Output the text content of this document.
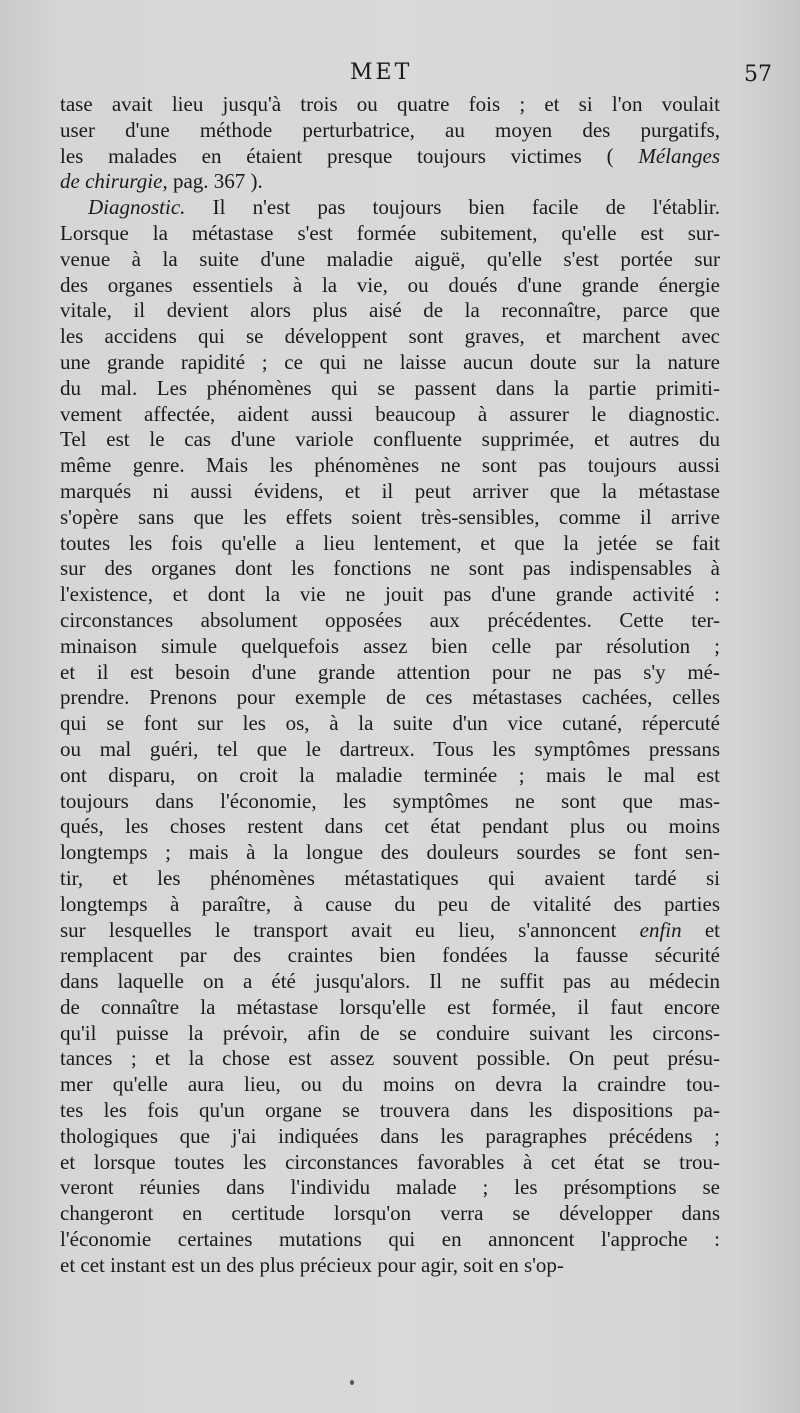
MET	57
tase avait lieu jusqu'à trois ou quatre fois ; et si l'on voulait
user d'une méthode perturbatrice, au moyen des purgatifs,
les malades en étaient presque toujours victimes ( Mélanges
de chirurgie, pag. 367 ).
Diagnostic. Il n'est pas toujours bien facile de l'établir.
Lorsque la métastase s'est formée subitement, qu'elle est sur-
venue à la suite d'une maladie aiguë, qu'elle s'est portée sur
des organes essentiels à la vie, ou doués d'une grande énergie
vitale, il devient alors plus aisé de la reconnaître, parce que
les accidens qui se développent sont graves, et marchent avec
une grande rapidité ; ce qui ne laisse aucun doute sur la nature
du mal. Les phénomènes qui se passent dans la partie primiti-
vement affectée, aident aussi beaucoup à assurer le diagnostic.
Tel est le cas d'une variole confluente supprimée, et autres du
même genre. Mais les phénomènes ne sont pas toujours aussi
marqués ni aussi évidens, et il peut arriver que la métastase
s'opère sans que les effets soient très-sensibles, comme il arrive
toutes les fois qu'elle a lieu lentement, et que la jetée se fait
sur des organes dont les fonctions ne sont pas indispensables à
l'existence, et dont la vie ne jouit pas d'une grande activité :
circonstances absolument opposées aux précédentes. Cette ter-
minaison simule quelquefois assez bien celle par résolution ;
et il est besoin d'une grande attention pour ne pas s'y mé-
prendre. Prenons pour exemple de ces métastases cachées, celles
qui se font sur les os, à la suite d'un vice cutané, répercuté
ou mal guéri, tel que le dartreux. Tous les symptômes pressans
ont disparu, on croit la maladie terminée ; mais le mal est
toujours dans l'économie, les symptômes ne sont que mas-
qués, les choses restent dans cet état pendant plus ou moins
longtemps ; mais à la longue des douleurs sourdes se font sen-
tir, et les phénomènes métastatiques qui avaient tardé si
longtemps à paraître, à cause du peu de vitalité des parties
sur lesquelles le transport avait eu lieu, s'annoncent enfin et
remplacent par des craintes bien fondées la fausse sécurité
dans laquelle on a été jusqu'alors. Il ne suffit pas au médecin
de connaître la métastase lorsqu'elle est formée, il faut encore
qu'il puisse la prévoir, afin de se conduire suivant les circons-
tances ; et la chose est assez souvent possible. On peut présu-
mer qu'elle aura lieu, ou du moins on devra la craindre tou-
tes les fois qu'un organe se trouvera dans les dispositions pa-
thologiques que j'ai indiquées dans les paragraphes précédens ;
et lorsque toutes les circonstances favorables à cet état se trou-
veront réunies dans l'individu malade ; les présomptions se
changeront en certitude lorsqu'on verra se développer dans
l'économie certaines mutations qui en annoncent l'approche :
et cet instant est un des plus précieux pour agir, soit en s'op-
